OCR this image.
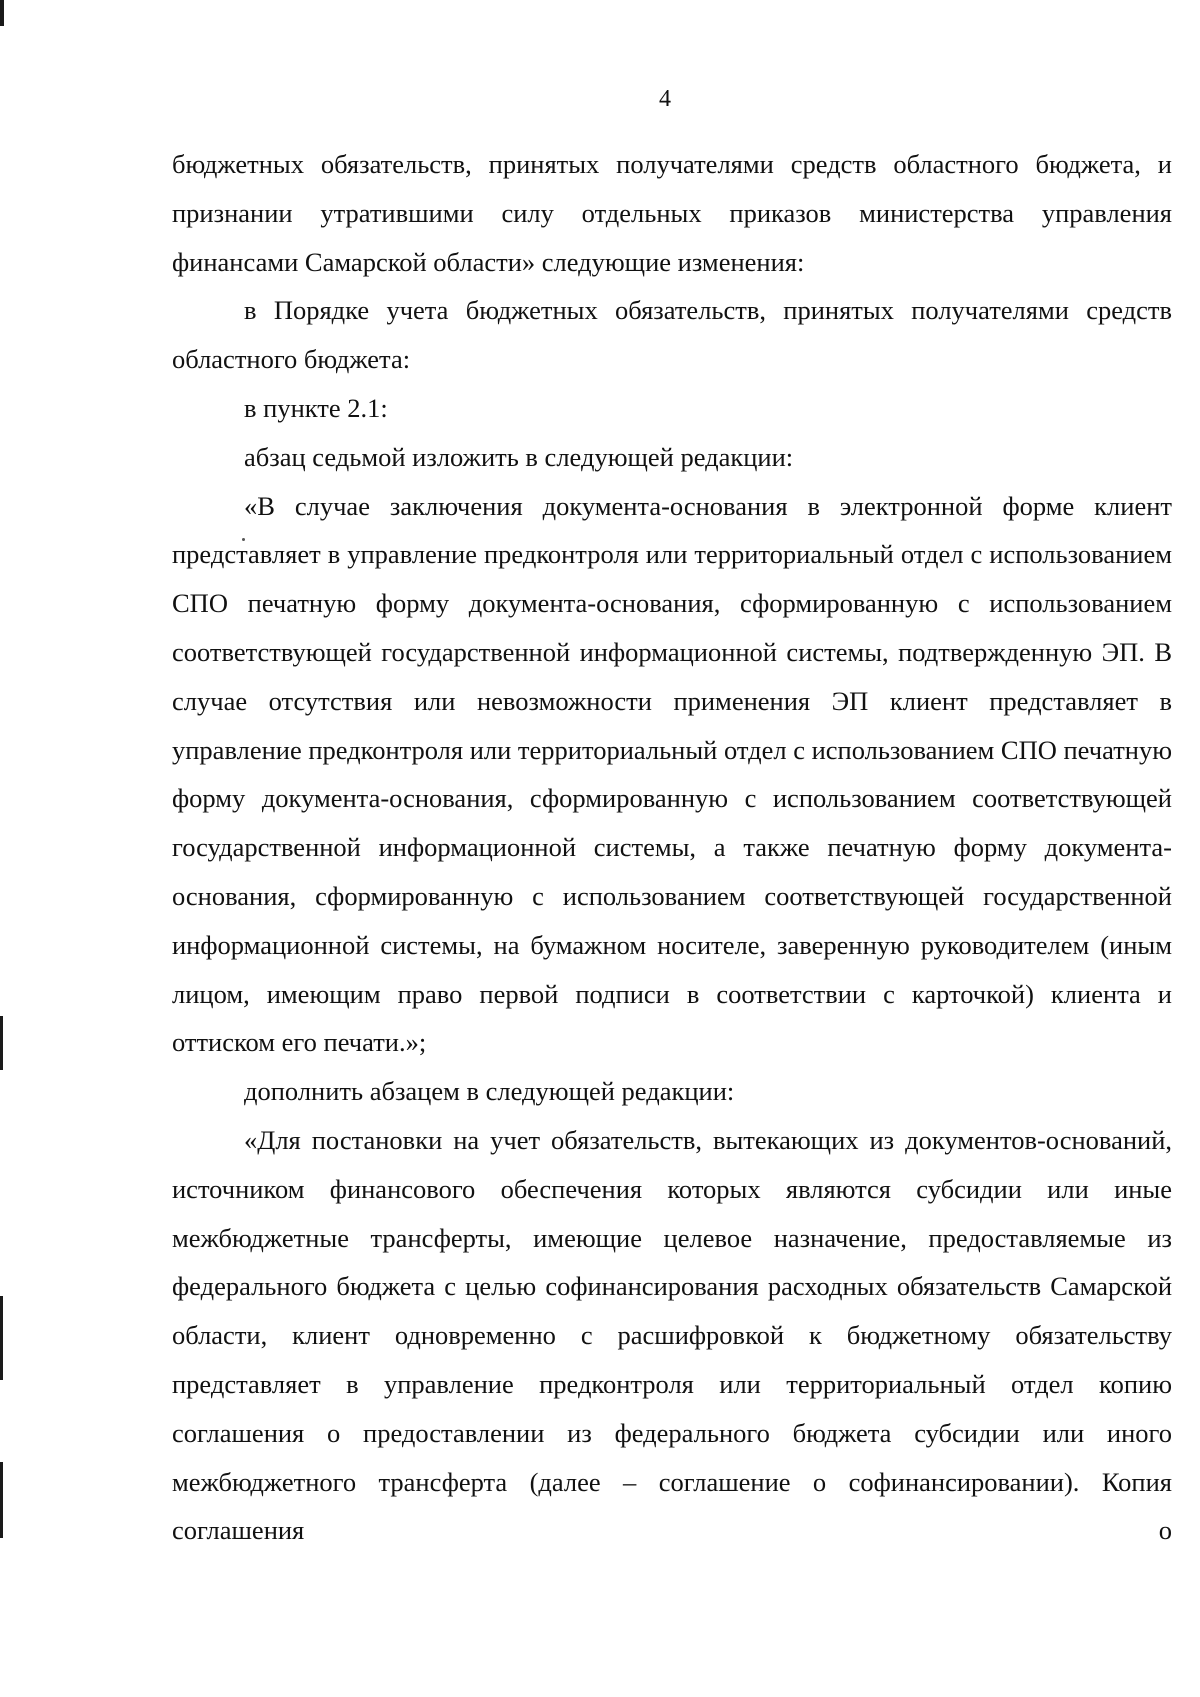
4

бюджетных обязательств, принятых получателями средств областного бюджета, и признании утратившими силу отдельных приказов министерства управления финансами Самарской области» следующие изменения:

в Порядке учета бюджетных обязательств, принятых получателями средств областного бюджета:

в пункте 2.1:

абзац седьмой изложить в следующей редакции:

«В случае заключения документа-основания в электронной форме клиент представляет в управление предконтроля или территориальный отдел с использованием СПО печатную форму документа-основания, сформированную с использованием соответствующей государственной информационной системы, подтвержденную ЭП. В случае отсутствия или невозможности применения ЭП клиент представляет в управление предконтроля или территориальный отдел с использованием СПО печатную форму документа-основания, сформированную с использованием соответствующей государственной информационной системы, а также печатную форму документа-основания, сформированную с использованием соответствующей государственной информационной системы, на бумажном носителе, заверенную руководителем (иным лицом, имеющим право первой подписи в соответствии с карточкой) клиента и оттиском его печати.»;

дополнить абзацем в следующей редакции:

«Для постановки на учет обязательств, вытекающих из документов-оснований, источником финансового обеспечения которых являются субсидии или иные межбюджетные трансферты, имеющие целевое назначение, предоставляемые из федерального бюджета с целью софинансирования расходных обязательств Самарской области, клиент одновременно с расшифровкой к бюджетному обязательству представляет в управление предконтроля или территориальный отдел копию соглашения о предоставлении из федерального бюджета субсидии или иного межбюджетного трансферта (далее – соглашение о софинансировании). Копия соглашения о
